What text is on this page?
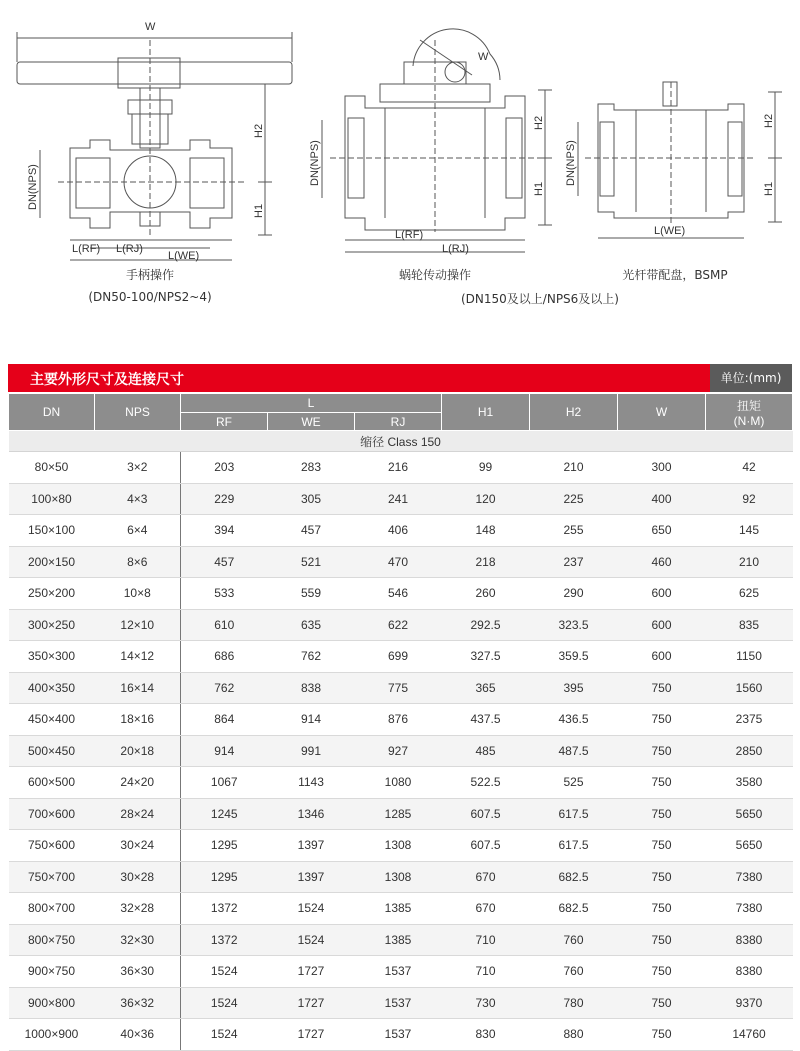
W
H2
H1
DN(NPS)
L(RF) L(RJ)
L(WE)
W
H2
H1
DN(NPS)
L(RF)
L(RJ)
H2
H1
DN(NPS)
L(WE)
手柄操作
(DN50-100/NPS2~4)
蜗轮传动操作
(DN150及以上/NPS6及以上)
光杆带配盘，BSMP
主要外形尺寸及连接尺寸	单位:(mm)
DN	NPS	L			H1	H2	W	扭矩
(N·M)

		RF	WE	RJ				
缩径 Class 150								
80×50	3×2	203	283	216	99	210	300	42
100×80	4×3	229	305	241	120	225	400	92
150×100	6×4	394	457	406	148	255	650	145
200×150	8×6	457	521	470	218	237	460	210
250×200	10×8	533	559	546	260	290	600	625
300×250	12×10	610	635	622	292.5	323.5	600	835
350×300	14×12	686	762	699	327.5	359.5	600	1150
400×350	16×14	762	838	775	365	395	750	1560
450×400	18×16	864	914	876	437.5	436.5	750	2375
500×450	20×18	914	991	927	485	487.5	750	2850
600×500	24×20	1067	1143	1080	522.5	525	750	3580
700×600	28×24	1245	1346	1285	607.5	617.5	750	5650
750×600	30×24	1295	1397	1308	607.5	617.5	750	5650
750×700	30×28	1295	1397	1308	670	682.5	750	7380
800×700	32×28	1372	1524	1385	670	682.5	750	7380
800×750	32×30	1372	1524	1385	710	760	750	8380
900×750	36×30	1524	1727	1537	710	760	750	8380
900×800	36×32	1524	1727	1537	730	780	750	9370
1000×900	40×36	1524	1727	1537	830	880	750	14760
